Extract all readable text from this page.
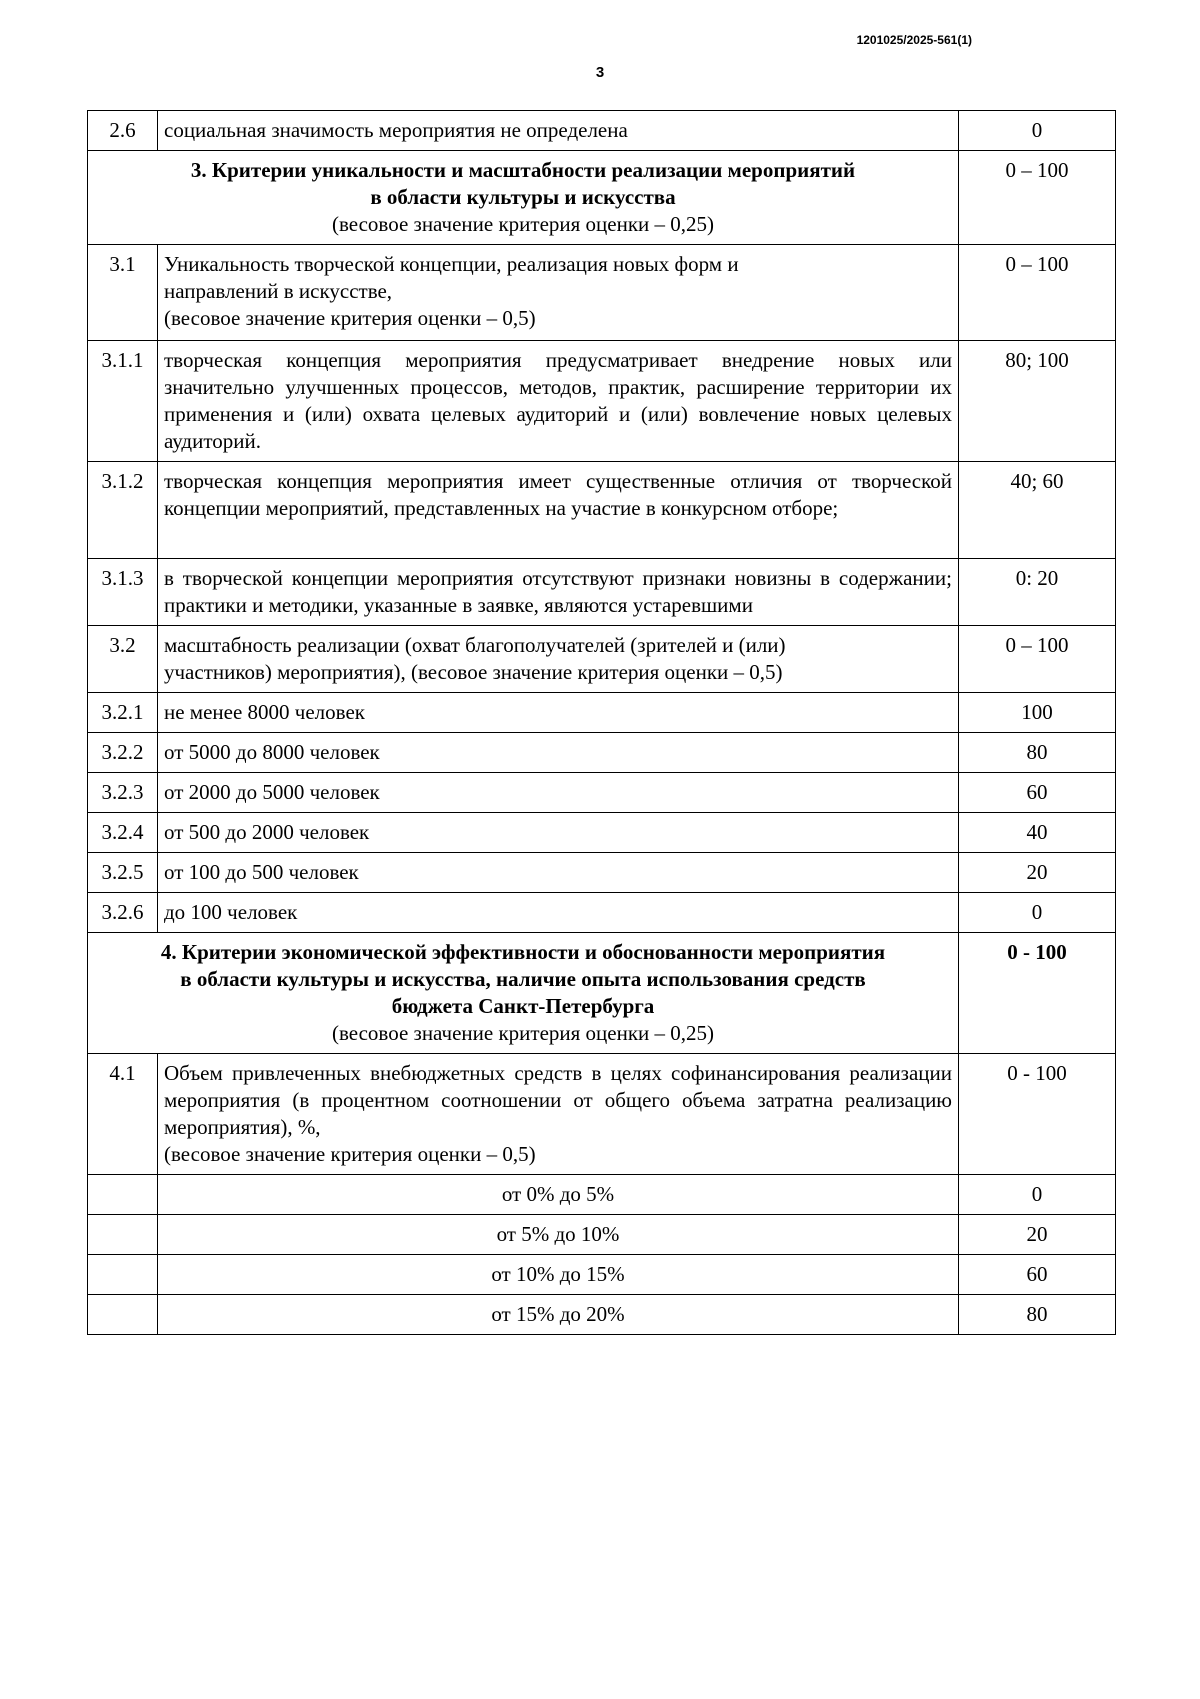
1201025/2025-561(1)
3
2.6	социальная значимость мероприятия не определена	0

3. Критерии уникальности и масштабности реализации мероприятий
в области культуры и искусства
(весовое значение критерия оценки – 0,25)		0 – 100
3.1	Уникальность творческой концепции, реализация новых форм и направлений в искусстве,
(весовое значение критерия оценки – 0,5)	0 – 100
3.1.1	творческая концепция мероприятия предусматривает внедрение новых или значительно улучшенных процессов, методов, практик, расширение территории их применения и (или) охвата целевых аудиторий и (или) вовлечение новых целевых аудиторий.	80; 100
3.1.2	творческая концепция мероприятия имеет существенные отличия от творческой концепции мероприятий, представленных на участие в конкурсном отборе;	40; 60
3.1.3	в творческой концепции мероприятия отсутствуют признаки новизны в содержании; практики и методики, указанные в заявке, являются устаревшими	0: 20
3.2	масштабность реализации (охват благополучателей (зрителей и (или) участников) мероприятия), (весовое значение критерия оценки – 0,5)	0 – 100
3.2.1	не менее 8000 человек	100
3.2.2	от 5000 до 8000 человек	80
3.2.3	от 2000 до 5000 человек	60
3.2.4	от 500 до 2000 человек	40
3.2.5	от 100 до 500 человек	20
3.2.6	до 100 человек	0

4. Критерии экономической эффективности и обоснованности мероприятия
в области культуры и искусства, наличие опыта использования средств
бюджета Санкт-Петербурга
(весовое значение критерия оценки – 0,25)		0 - 100
4.1	Объем привлеченных внебюджетных средств в целях софинансирования реализации мероприятия (в процентном соотношении от общего объема затратна реализацию мероприятия), %,
(весовое значение критерия оценки – 0,5)	0 - 100
	от 0% до 5%	0
	от 5% до 10%	20
	от 10% до 15%	60
	от 15% до 20%	80
